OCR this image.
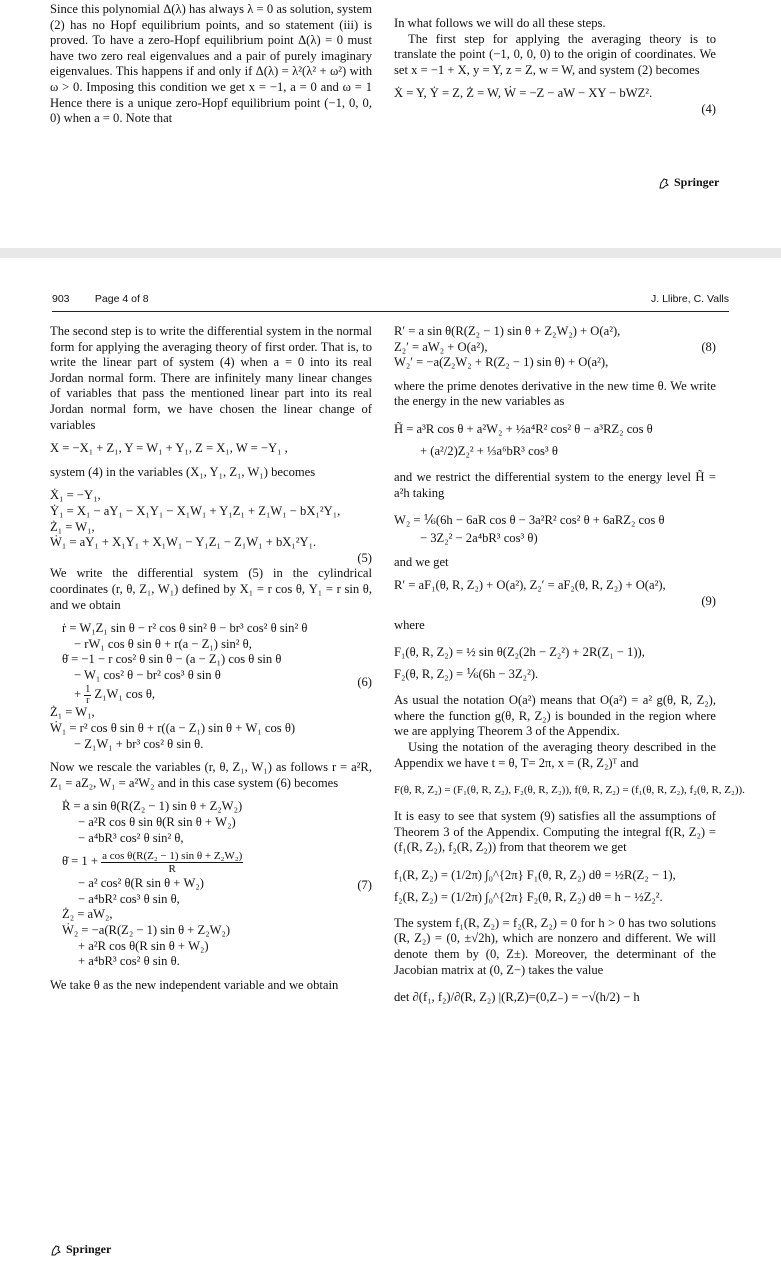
Since this polynomial Δ(λ) has always λ = 0 as solution, system (2) has no Hopf equilibrium points, and so statement (iii) is proved. To have a zero-Hopf equilibrium point Δ(λ) = 0 must have two zero real eigenvalues and a pair of purely imaginary eigenvalues. This happens if and only if Δ(λ) = λ²(λ² + ω²) with ω > 0. Imposing this condition we get x = −1, a = 0 and ω = 1 Hence there is a unique zero-Hopf equilibrium point (−1, 0, 0, 0) when a = 0. Note that

In what follows we will do all these steps.

The first step for applying the averaging theory is to translate the point (−1, 0, 0, 0) to the origin of coordinates. We set x = −1 + X, y = Y, z = Z, w = W, and system (2) becomes

Ẋ = Y, Ẏ = Z, Ż = W, Ẇ = −Z − aW − XY − bWZ².
(4)
Springer
903 Page 4 of 8	J. Llibre, C. Valls

The second step is to write the differential system in the normal form for applying the averaging theory of first order. That is, to write the linear part of system (4) when a = 0 into its real Jordan normal form. There are infinitely many linear changes of variables that pass the mentioned linear part into its real Jordan normal form, we have chosen the linear change of variables

X = −X₁ + Z₁, Y = W₁ + Y₁, Z = X₁, W = −Y₁ ,

system (4) in the variables (X₁, Y₁, Z₁, W₁) becomes

Ẋ₁ = −Y₁,
Ẏ₁ = X₁ − aY₁ − X₁Y₁ − X₁W₁ + Y₁Z₁ + Z₁W₁ − bX₁²Y₁,
Ż₁ = W₁,
Ẇ₁ = aY₁ + X₁Y₁ + X₁W₁ − Y₁Z₁ − Z₁W₁ + bX₁²Y₁.
(5)

We write the differential system (5) in the cylindrical coordinates (r, θ, Z₁, W₁) defined by X₁ = r cos θ, Y₁ = r sin θ, and we obtain

ṙ = W₁Z₁ sin θ − r² cos θ sin² θ − br³ cos² θ sin² θ
− rW₁ cos θ sin θ + r(a − Z₁) sin² θ,
θ̇ = −1 − r cos² θ sin θ − (a − Z₁) cos θ sin θ
− W₁ cos² θ − br² cos³ θ sin θ
+ $\frac{1}{r} Z_1W_1$ cos θ,
(6)
Ż₁ = W₁,
Ẇ₁ = r² cos θ sin θ + r((a − Z₁) sin θ + W₁ cos θ)
− Z₁W₁ + br³ cos² θ sin θ.

Now we rescale the variables (r, θ, Z₁, W₁) as follows r = a²R, Z₁ = aZ₂, W₁ = a²W₂ and in this case system (6) becomes

Ṙ = a sin θ(R(Z₂ − 1) sin θ + Z₂W₂)
− a²R cos θ sin θ(R sin θ + W₂)
− a⁴bR³ cos² θ sin² θ,
θ̇ = $1 + \frac{\text{a cos θ(R(Z₂ − 1) sin θ + Z₂W₂)}}{R}$
− a² cos² θ(R sin θ + W₂)
− a⁴bR² cos³ θ sin θ,
(7)
Ż₂ = aW₂,
Ẇ₂ = −a(R(Z₂ − 1) sin θ + Z₂W₂)
+ a²R cos θ(R sin θ + W₂)
+ a⁴bR³ cos² θ sin θ.

We take θ as the new independent variable and we obtain

R′ = a sin θ(R(Z₂ − 1) sin θ + Z₂W₂) + O(a²),
Z₂′ = aW₂ + O(a²),	(8)
W₂′ = −a(Z₂W₂ + R(Z₂ − 1) sin θ) + O(a²),

where the prime denotes derivative in the new time θ. We write the energy in the new variables as

H̃ = a³R cos θ + a²W₂ + ½a⁴R² cos² θ − a³RZ₂ cos θ
+ (a²/2)Z₂² + ⅓a⁶bR³ cos³ θ

and we restrict the differential system to the energy level H̃ = a²h taking

W₂ = ⅙(6h − 6aR cos θ − 3a²R² cos² θ + 6aRZ₂ cos θ
− 3Z₂² − 2a⁴bR³ cos³ θ)

and we get

R′ = aF₁(θ, R, Z₂) + O(a²), Z₂′ = aF₂(θ, R, Z₂) + O(a²),
(9)

where

F₁(θ, R, Z₂) = ½ sin θ(Z₂(2h − Z₂²) + 2R(Z₁ − 1)),
F₂(θ, R, Z₂) = ⅙(6h − 3Z₂²).

As usual the notation O(a²) means that O(a²) = a² g(θ, R, Z₂), where the function g(θ, R, Z₂) is bounded in the region where we are applying Theorem 3 of the Appendix.

Using the notation of the averaging theory described in the Appendix we have t = θ, T= 2π, x = (R, Z₂)ᵀ and

F(θ, R, Z₂) = (F₁(θ, R, Z₂), F₂(θ, R, Z₂)), f(θ, R, Z₂) = (f₁(θ, R, Z₂), f₂(θ, R, Z₂)).

It is easy to see that system (9) satisfies all the assumptions of Theorem 3 of the Appendix. Computing the integral f(R, Z₂) = (f₁(R, Z₂), f₂(R, Z₂)) from that theorem we get

f₁(R, Z₂) = (1/2π) ∫₀^{2π} F₁(θ, R, Z₂) dθ = ½R(Z₂ − 1),
f₂(R, Z₂) = (1/2π) ∫₀^{2π} F₂(θ, R, Z₂) dθ = h − ½Z₂².

The system f₁(R, Z₂) = f₂(R, Z₂) = 0 for h > 0 has two solutions (R, Z₂) = (0, ±√2h), which are nonzero and different. We will denote them by (0, Z±). Moreover, the determinant of the Jacobian matrix at (0, Z−) takes the value

det ∂(f₁, f₂)/∂(R, Z₂) |(R,Z)=(0,Z₋) = −√(h/2) − h
Springer
